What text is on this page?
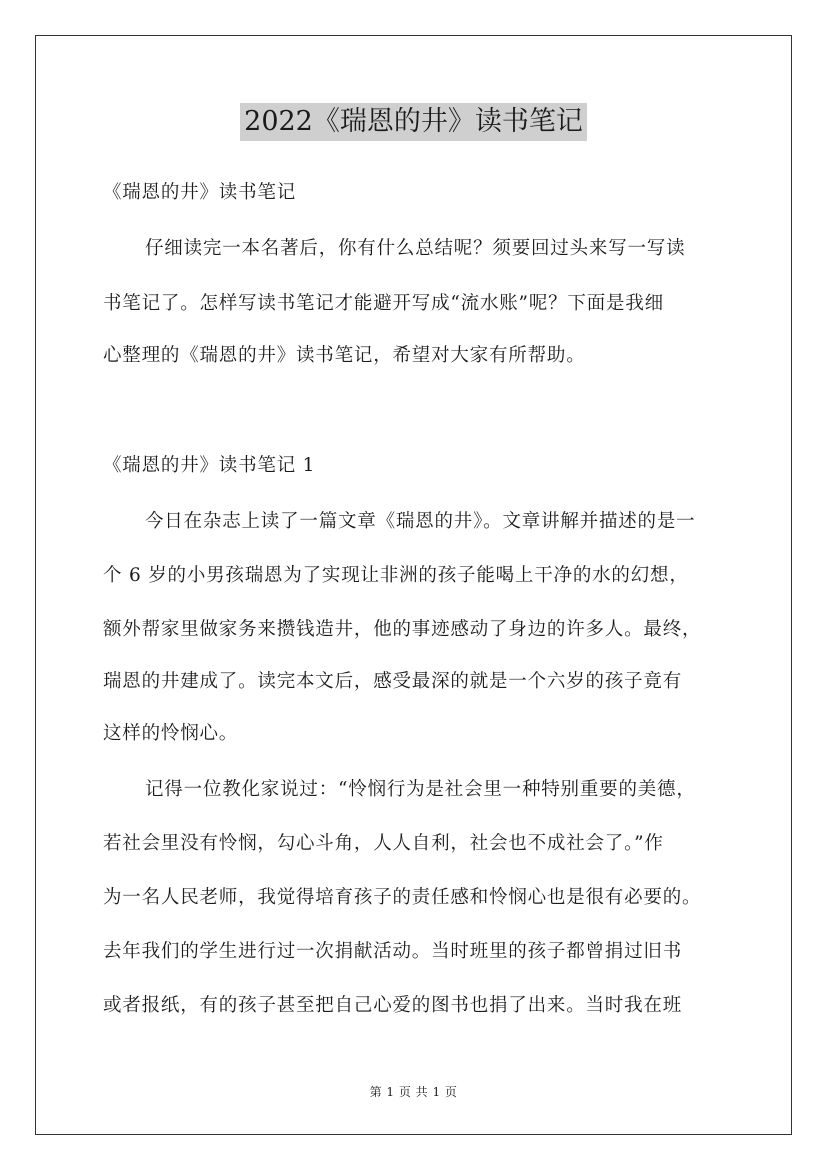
2022《瑞恩的井》读书笔记
《瑞恩的井》读书笔记
仔细读完一本名著后，你有什么总结呢？须要回过头来写一写读
书笔记了。怎样写读书笔记才能避开写成“流水账”呢？下面是我细
心整理的《瑞恩的井》读书笔记，希望对大家有所帮助。
《瑞恩的井》读书笔记 1
今日在杂志上读了一篇文章《瑞恩的井》。文章讲解并描述的是一
个 6 岁的小男孩瑞恩为了实现让非洲的孩子能喝上干净的水的幻想，
额外帮家里做家务来攒钱造井，他的事迹感动了身边的许多人。最终，
瑞恩的井建成了。读完本文后，感受最深的就是一个六岁的孩子竟有
这样的怜悯心。
记得一位教化家说过：“怜悯行为是社会里一种特别重要的美德，
若社会里没有怜悯，勾心斗角，人人自利，社会也不成社会了。”作
为一名人民老师，我觉得培育孩子的责任感和怜悯心也是很有必要的。
去年我们的学生进行过一次捐献活动。当时班里的孩子都曾捐过旧书
或者报纸，有的孩子甚至把自己心爱的图书也捐了出来。当时我在班
第 1 页 共 1 页
